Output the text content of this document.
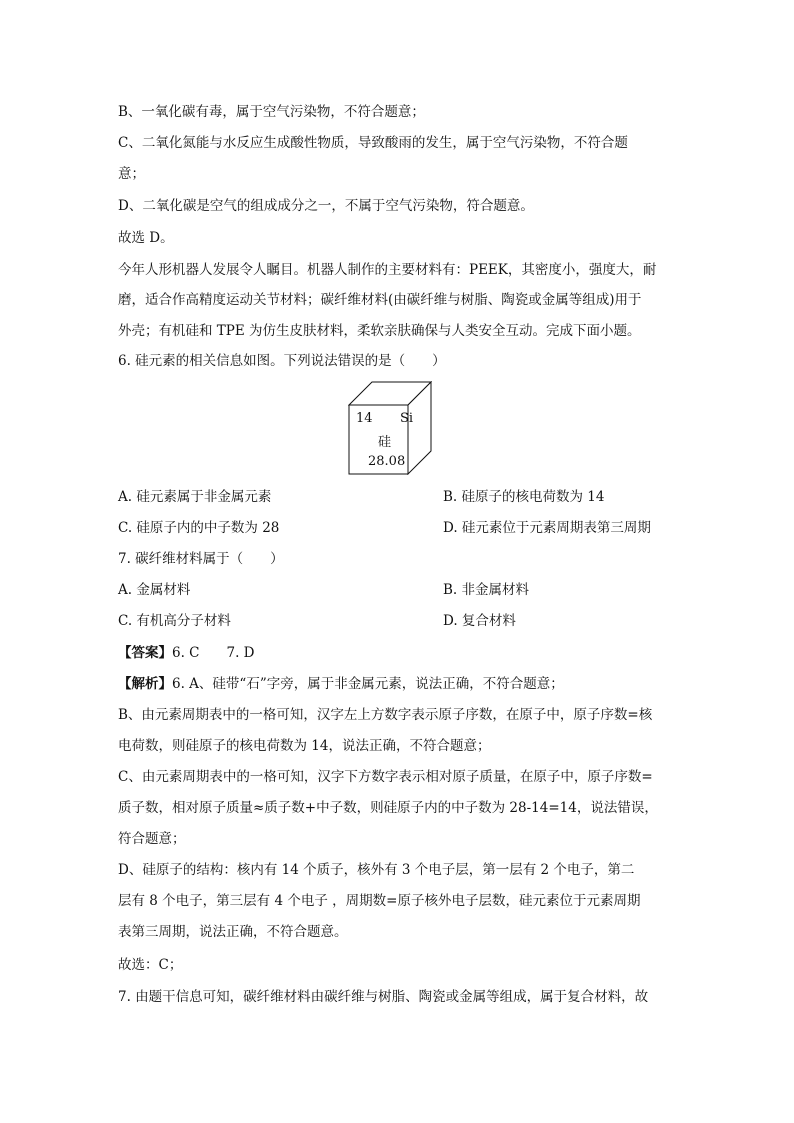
B、一氧化碳有毒，属于空气污染物，不符合题意；
C、二氧化氮能与水反应生成酸性物质，导致酸雨的发生，属于空气污染物，不符合题
意；
D、二氧化碳是空气的组成成分之一，不属于空气污染物，符合题意。
故选 D。
今年人形机器人发展令人瞩目。机器人制作的主要材料有：PEEK，其密度小，强度大，耐
磨，适合作高精度运动关节材料；碳纤维材料(由碳纤维与树脂、陶瓷或金属等组成)用于
外壳；有机硅和 TPE 为仿生皮肤材料，柔软亲肤确保与人类安全互动。完成下面小题。
6. 硅元素的相关信息如图。下列说法错误的是（　　）
14 Si
硅
28.08
A. 硅元素属于非金属元素	B. 硅原子的核电荷数为 14
C. 硅原子内的中子数为 28	D. 硅元素位于元素周期表第三周期
7. 碳纤维材料属于（　　）
A. 金属材料	B. 非金属材料
C. 有机高分子材料	D. 复合材料
【答案】6. C　　7. D
【解析】6. A、硅带“石”字旁，属于非金属元素，说法正确，不符合题意；
B、由元素周期表中的一格可知，汉字左上方数字表示原子序数，在原子中，原子序数=核
电荷数，则硅原子的核电荷数为 14，说法正确，不符合题意；
C、由元素周期表中的一格可知，汉字下方数字表示相对原子质量，在原子中，原子序数=
质子数，相对原子质量≈质子数+中子数，则硅原子内的中子数为 28-14=14，说法错误，
符合题意；
D、硅原子的结构：核内有 14 个质子，核外有 3 个电子层，第一层有 2 个电子，第二
层有 8 个电子，第三层有 4 个电子 ，周期数=原子核外电子层数，硅元素位于元素周期
表第三周期，说法正确，不符合题意。
故选：C；
7. 由题干信息可知，碳纤维材料由碳纤维与树脂、陶瓷或金属等组成，属于复合材料，故
